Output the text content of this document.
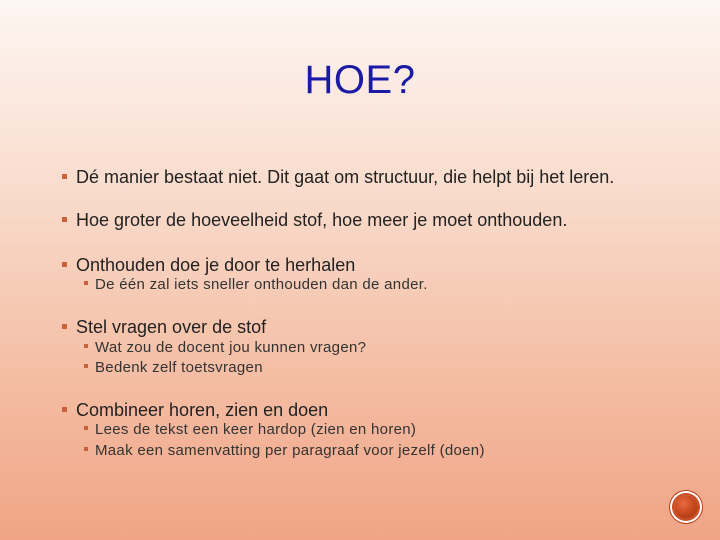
HOE?
Dé manier bestaat niet. Dit gaat om structuur, die helpt bij het leren.
Hoe groter de hoeveelheid stof, hoe meer je moet onthouden.
Onthouden doe je door te herhalen
De één zal iets sneller onthouden dan de ander.
Stel vragen over de stof
Wat zou de docent jou kunnen vragen?
Bedenk zelf toetsvragen
Combineer horen, zien en doen
Lees de tekst een keer hardop (zien en horen)
Maak een samenvatting per paragraaf voor jezelf (doen)
